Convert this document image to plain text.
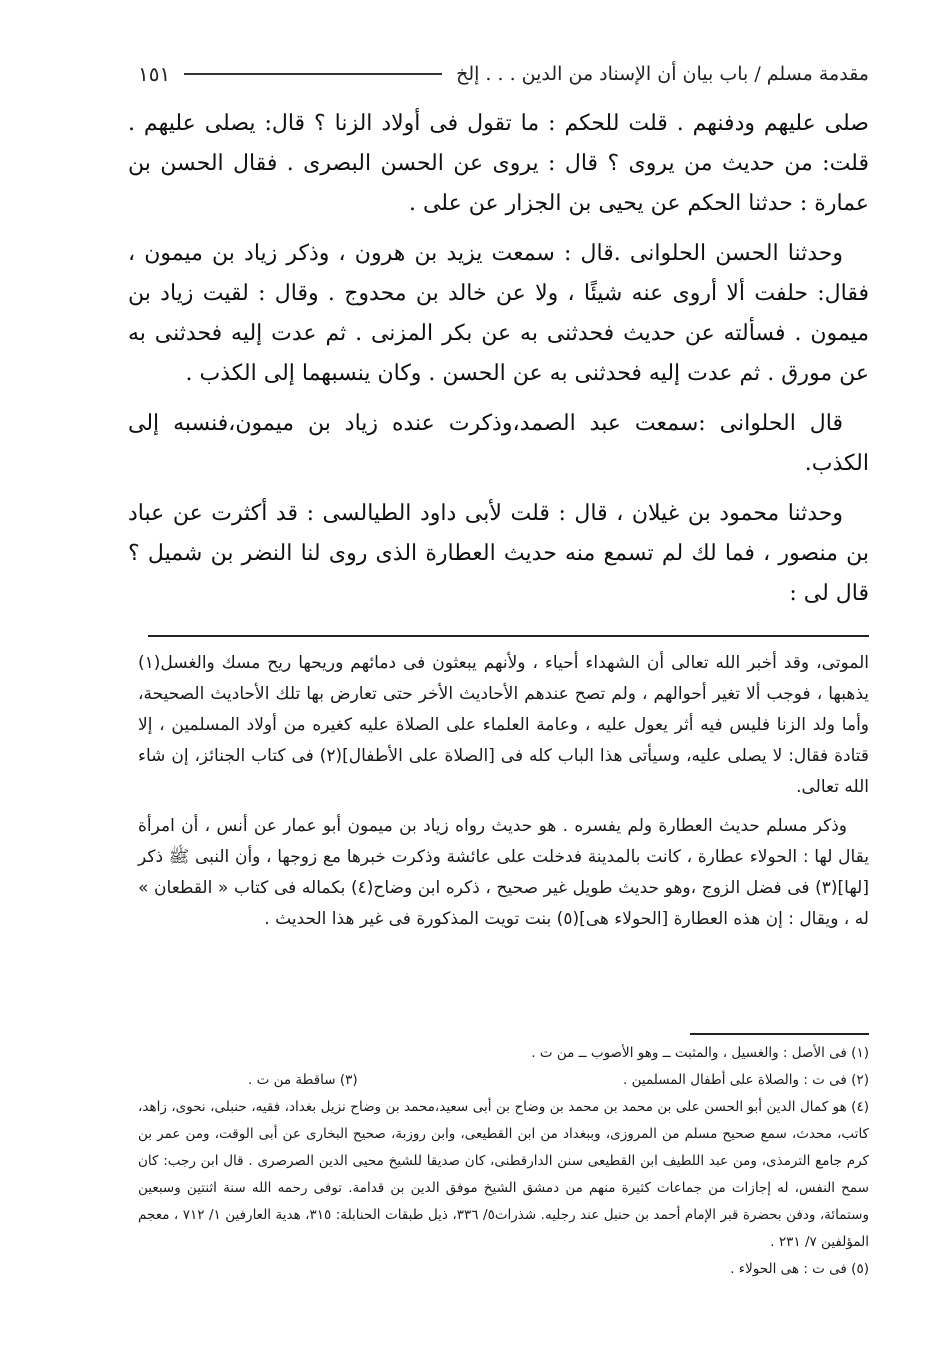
مقدمة مسلم / باب بيان أن الإسناد من الدين . . . إلخ
١٥١

صلى عليهم ودفنهم . قلت للحكم : ما تقول فى أولاد الزنا ؟ قال: يصلى عليهم . قلت: من حديث من يروى ؟ قال : يروى عن الحسن البصرى . فقال الحسن بن عمارة : حدثنا الحكم عن يحيى بن الجزار عن على .

وحدثنا الحسن الحلوانى .قال : سمعت يزيد بن هرون ، وذكر زياد بن ميمون ، فقال: حلفت ألا أروى عنه شيئًا ، ولا عن خالد بن محدوج . وقال : لقيت زياد بن ميمون . فسألته عن حديث فحدثنى به عن بكر المزنى . ثم عدت إليه فحدثنى به عن مورق . ثم عدت إليه فحدثنى به عن الحسن . وكان ينسبهما إلى الكذب .

قال الحلوانى :سمعت عبد الصمد،وذكرت عنده زياد بن ميمون،فنسبه إلى الكذب.

وحدثنا محمود بن غيلان ، قال : قلت لأبى داود الطيالسى : قد أكثرت عن عباد بن منصور ، فما لك لم تسمع منه حديث العطارة الذى روى لنا النضر بن شميل ؟ قال لى :

الموتى، وقد أخبر الله تعالى أن الشهداء أحياء ، ولأنهم يبعثون فى دمائهم وريحها ريح مسك والغسل(١) يذهبها ، فوجب ألا تغير أحوالهم ، ولم تصح عندهم الأحاديث الأخر حتى تعارض بها تلك الأحاديث الصحيحة، وأما ولد الزنا فليس فيه أثر يعول عليه ، وعامة العلماء على الصلاة عليه كغيره من أولاد المسلمين ، إلا قتادة فقال: لا يصلى عليه، وسيأتى هذا الباب كله فى [الصلاة على الأطفال](٢) فى كتاب الجنائز، إن شاء الله تعالى.

وذكر مسلم حديث العطارة ولم يفسره . هو حديث رواه زياد بن ميمون أبو عمار عن أنس ، أن امرأة يقال لها : الحولاء عطارة ، كانت بالمدينة فدخلت على عائشة وذكرت خبرها مع زوجها ، وأن النبى ﷺ ذكر [لها](٣) فى فضل الزوج ،وهو حديث طويل غير صحيح ، ذكره ابن وضاح(٤) بكماله فى كتاب « القطعان » له ، ويقال : إن هذه العطارة [الحولاء هى](٥) بنت تويت المذكورة فى غير هذا الحديث .

(١) فى الأصل : والغسيل ، والمثبت ــ وهو الأصوب ــ من ت .

(٢) فى ت : والصلاة على أطفال المسلمين .
(٣) ساقطة من ت .

(٤) هو كمال الدين أبو الحسن على بن محمد بن محمد بن وضاح بن أبى سعيد،محمد بن وضاح نزيل بغداد، فقيه، حنبلى، نحوى، زاهد، كاتب، محدث، سمع صحيح مسلم من المروزى، وببغداد من ابن القطيعى، وابن روزبة، صحيح البخارى عن أبى الوقت، ومن عمر بن كرم جامع الترمذى، ومن عبد اللطيف ابن القطيعى سنن الدارقطنى، كان صديقا للشيخ محيى الدين الصرصرى . قال ابن رجب: كان سمح النفس، له إجازات من جماعات كثيرة منهم من دمشق الشيخ موفق الدين بن قدامة. توفى رحمه الله سنة اثنتين وسبعين وستمائة، ودفن بحضرة قبر الإمام أحمد بن حنبل عند رجليه. شذرات٥/ ٣٣٦، ذيل طبقات الحنابلة: ٣١٥، هدية العارفين ١/ ٧١٢ ، معجم المؤلفين ٧/ ٢٣١ .

(٥) فى ت : هى الحولاء .
